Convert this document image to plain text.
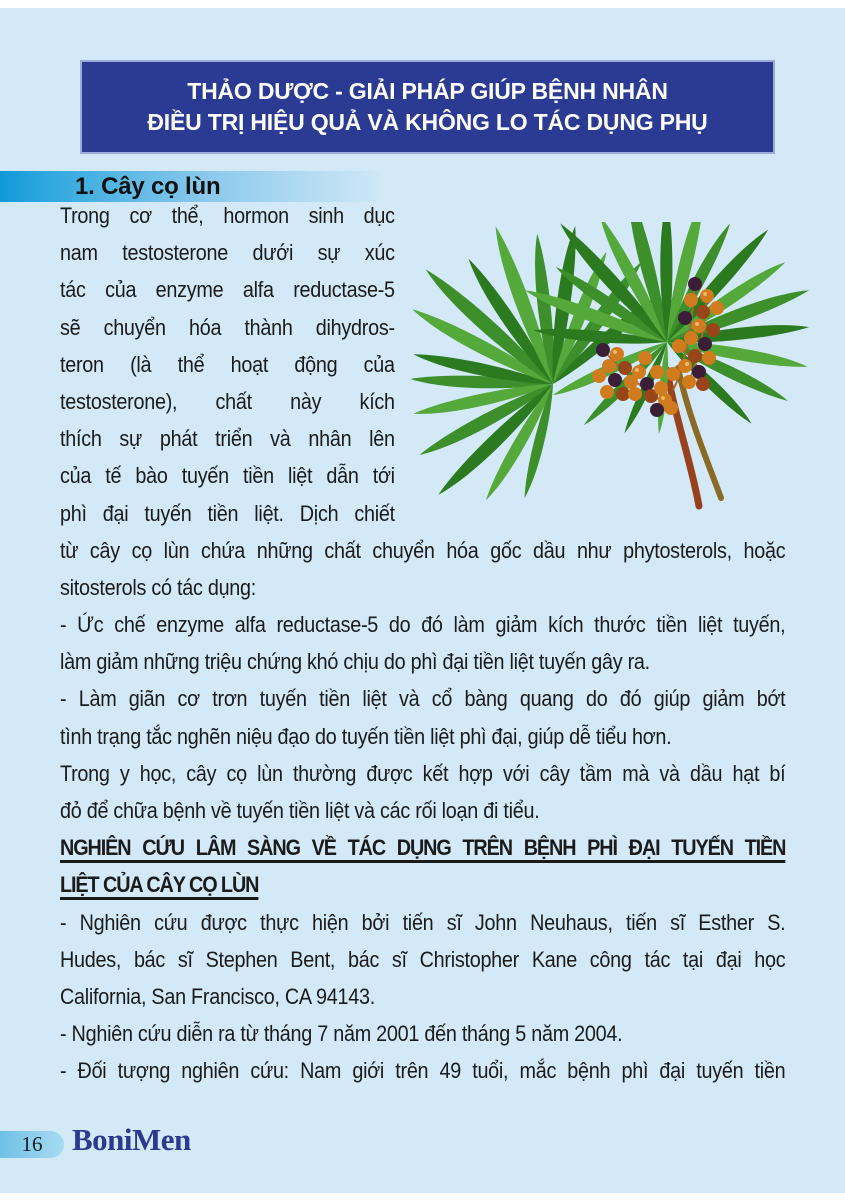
THẢO DƯỢC - GIẢI PHÁP GIÚP BỆNH NHÂN
ĐIỀU TRỊ HIỆU QUẢ VÀ KHÔNG LO TÁC DỤNG PHỤ
1. Cây cọ lùn
Trong cơ thể, hormon sinh dục
nam testosterone dưới sự xúc
tác của enzyme alfa reductase-5
sẽ chuyển hóa thành dihydros-
teron (là thể hoạt động của
testosterone), chất này kích
thích sự phát triển và nhân lên
của tế bào tuyến tiền liệt dẫn tới
phì đại tuyến tiền liệt. Dịch chiết
từ cây cọ lùn chứa những chất chuyển hóa gốc dầu như phytosterols, hoặc
sitosterols có tác dụng:
- Ức chế enzyme alfa reductase-5 do đó làm giảm kích thước tiền liệt tuyến,
làm giảm những triệu chứng khó chịu do phì đại tiền liệt tuyến gây ra.
- Làm giãn cơ trơn tuyến tiền liệt và cổ bàng quang do đó giúp giảm bớt
tình trạng tắc nghẽn niệu đạo do tuyến tiền liệt phì đại, giúp dễ tiểu hơn.
Trong y học, cây cọ lùn thường được kết hợp với cây tầm mà và dầu hạt bí
đỏ để chữa bệnh về tuyến tiền liệt và các rối loạn đi tiểu.
NGHIÊN CỨU LÂM SÀNG VỀ TÁC DỤNG TRÊN BỆNH PHÌ ĐẠI TUYẾN TIỀN
LIỆT CỦA CÂY CỌ LÙN
- Nghiên cứu được thực hiện bởi tiến sĩ John Neuhaus, tiến sĩ Esther S.
Hudes, bác sĩ Stephen Bent, bác sĩ Christopher Kane công tác tại đại học
California, San Francisco, CA 94143.
- Nghiên cứu diễn ra từ tháng 7 năm 2001 đến tháng 5 năm 2004.
- Đối tượng nghiên cứu: Nam giới trên 49 tuổi, mắc bệnh phì đại tuyến tiền
16 BoniMen
